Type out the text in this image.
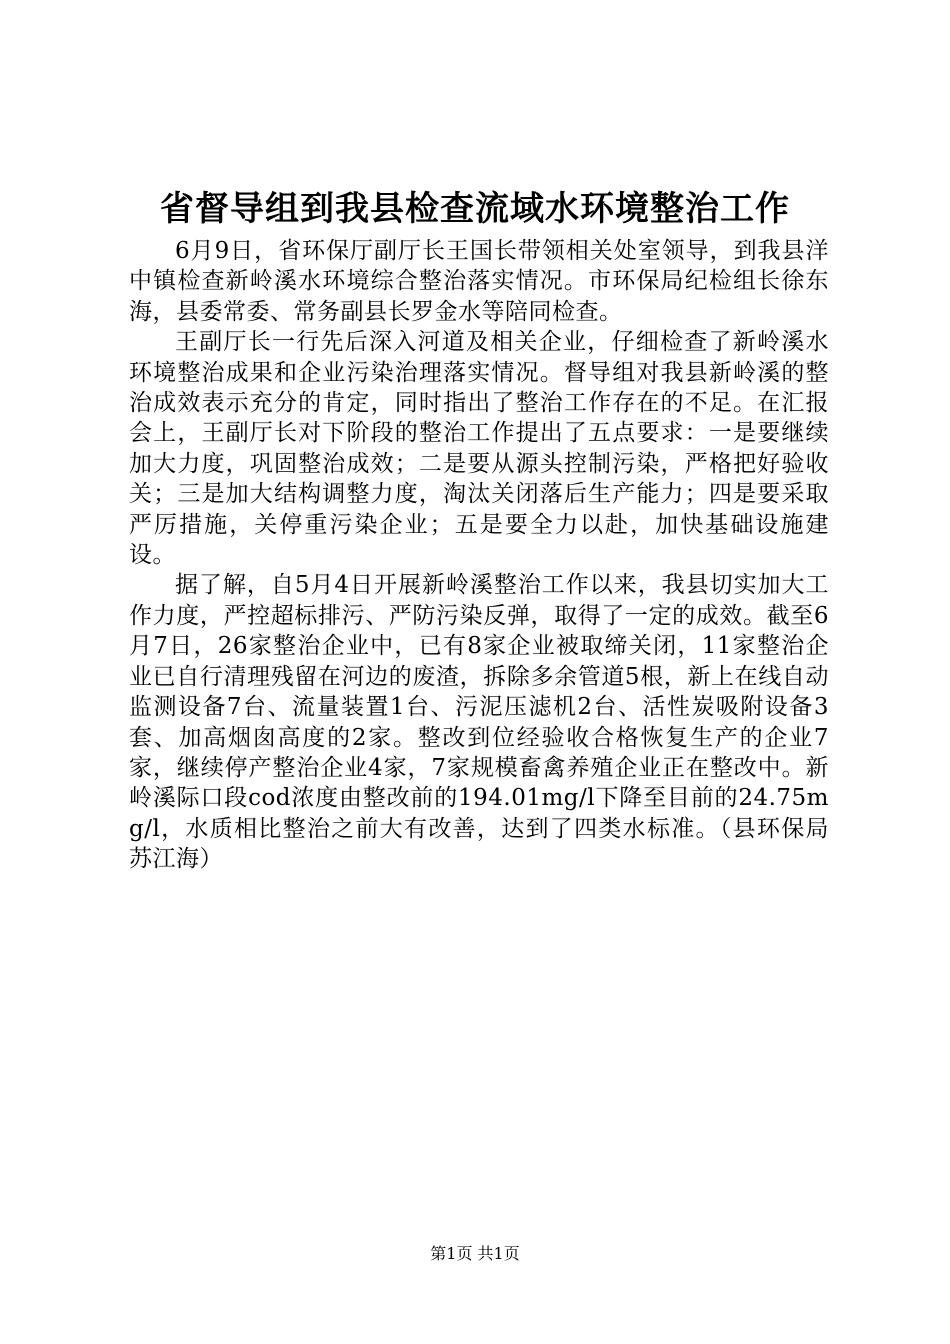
省督导组到我县检查流域水环境整治工作

6月9日，省环保厅副厅长王国长带领相关处室领导，到我县洋中镇检查新岭溪水环境综合整治落实情况。市环保局纪检组长徐东海，县委常委、常务副县长罗金水等陪同检查。

王副厅长一行先后深入河道及相关企业，仔细检查了新岭溪水环境整治成果和企业污染治理落实情况。督导组对我县新岭溪的整治成效表示充分的肯定，同时指出了整治工作存在的不足。在汇报会上，王副厅长对下阶段的整治工作提出了五点要求：一是要继续加大力度，巩固整治成效；二是要从源头控制污染，严格把好验收关；三是加大结构调整力度，淘汰关闭落后生产能力；四是要采取严厉措施，关停重污染企业；五是要全力以赴，加快基础设施建设。

据了解，自5月4日开展新岭溪整治工作以来，我县切实加大工作力度，严控超标排污、严防污染反弹，取得了一定的成效。截至6月7日，26家整治企业中，已有8家企业被取缔关闭，11家整治企业已自行清理残留在河边的废渣，拆除多余管道5根，新上在线自动监测设备7台、流量装置1台、污泥压滤机2台、活性炭吸附设备3套、加高烟囱高度的2家。整改到位经验收合格恢复生产的企业7家，继续停产整治企业4家，7家规模畜禽养殖企业正在整改中。新岭溪际口段cod浓度由整改前的194.01mg/l下降至目前的24.75mg/l，水质相比整治之前大有改善，达到了四类水标准。（县环保局苏江海）

第1页 共1页
